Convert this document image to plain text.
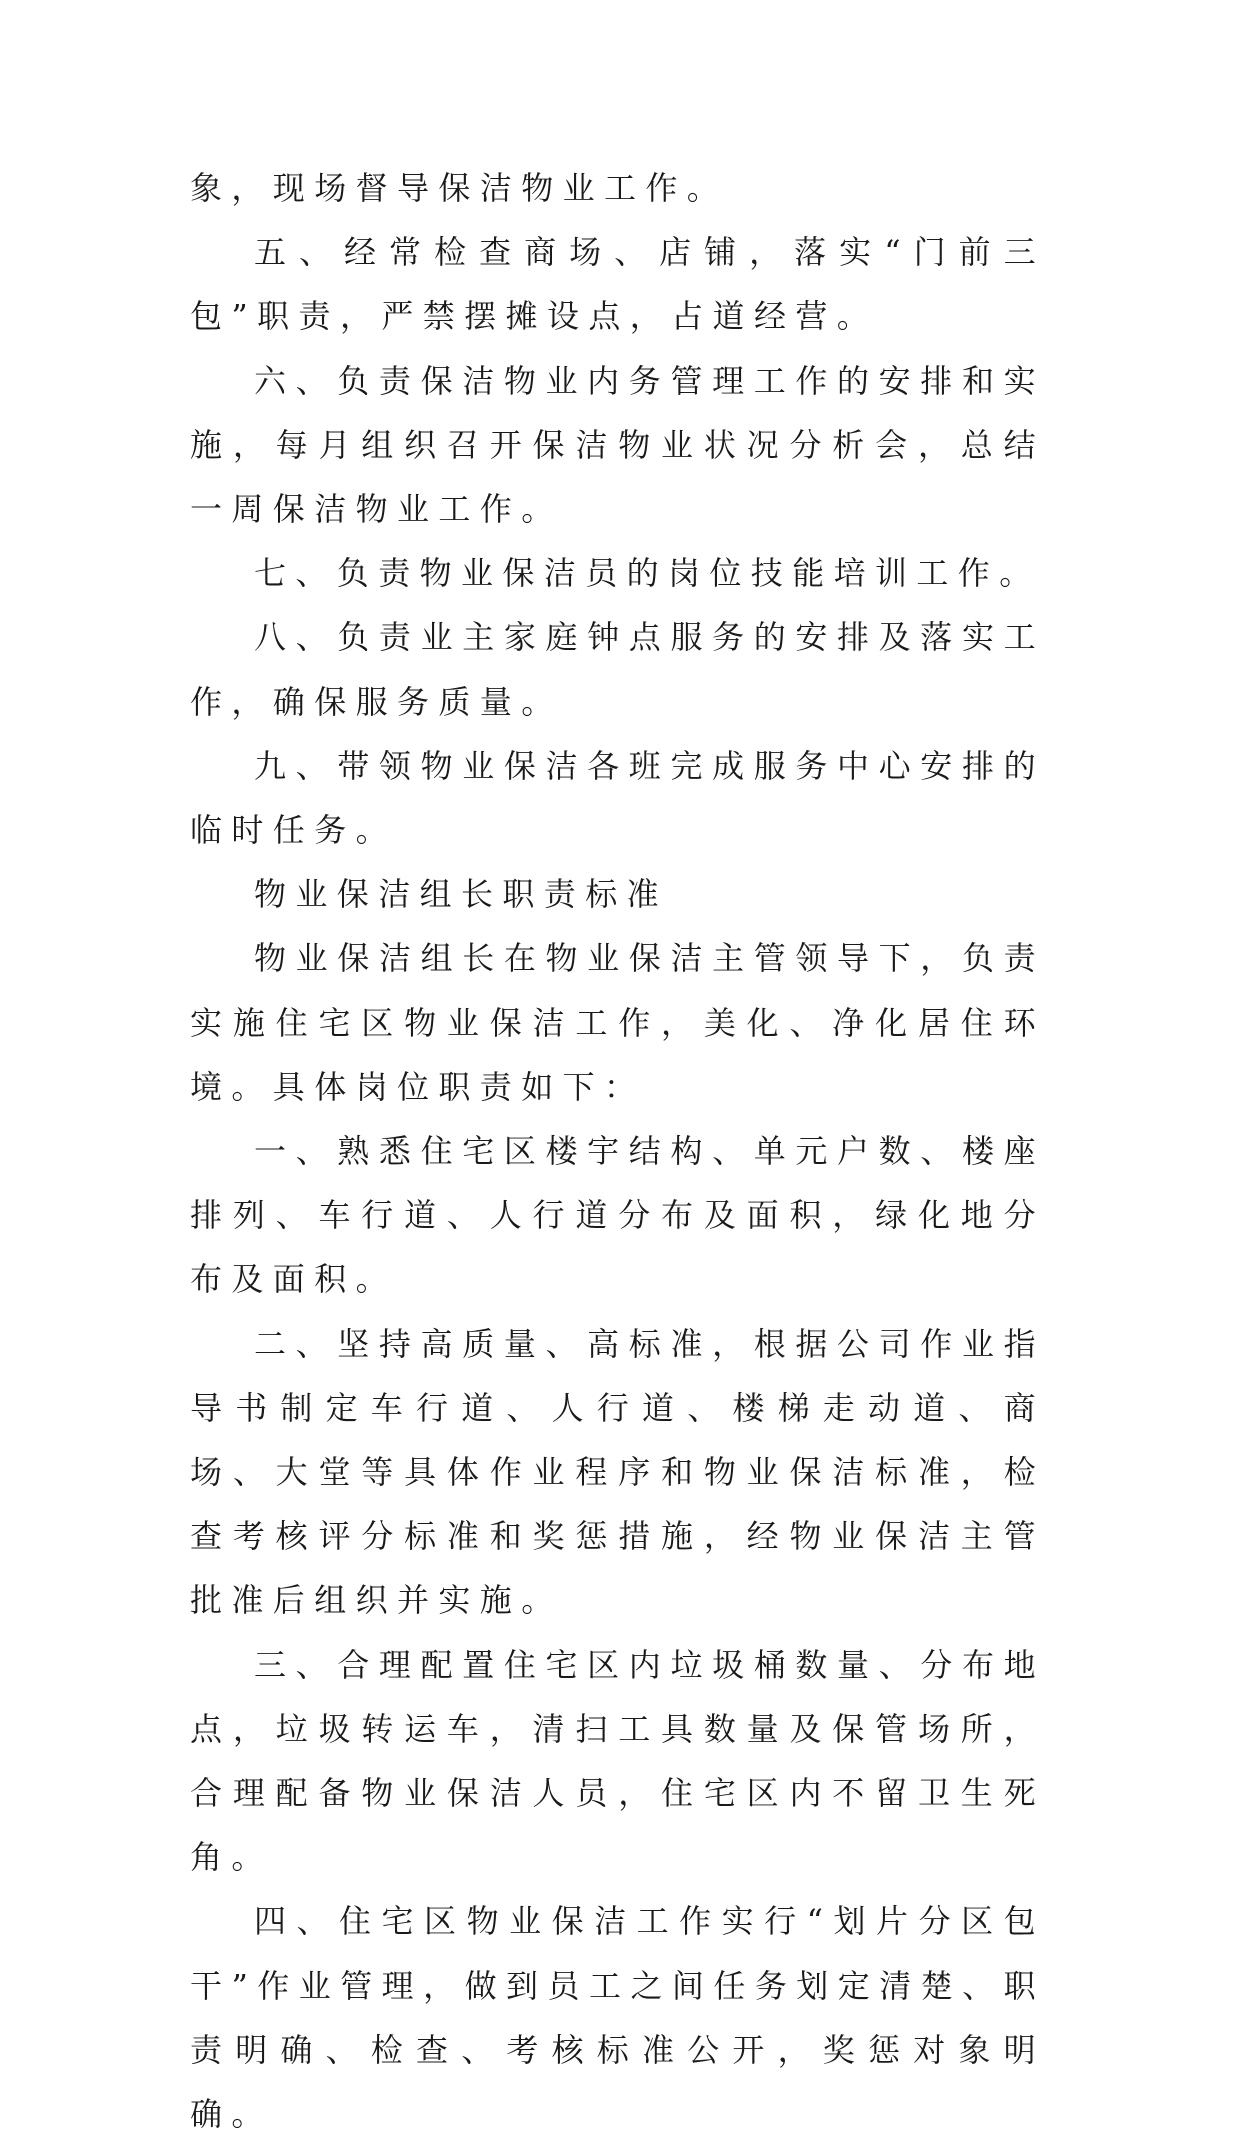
象，现场督导保洁物业工作。

五、经常检查商场、店铺，落实“门前三包”职责，严禁摆摊设点，占道经营。

六、负责保洁物业内务管理工作的安排和实施，每月组织召开保洁物业状况分析会，总结一周保洁物业工作。

七、负责物业保洁员的岗位技能培训工作。

八、负责业主家庭钟点服务的安排及落实工作，确保服务质量。

九、带领物业保洁各班完成服务中心安排的临时任务。

物业保洁组长职责标准

物业保洁组长在物业保洁主管领导下，负责实施住宅区物业保洁工作，美化、净化居住环境。具体岗位职责如下：

一、熟悉住宅区楼宇结构、单元户数、楼座排列、车行道、人行道分布及面积，绿化地分布及面积。

二、坚持高质量、高标准，根据公司作业指导书制定车行道、人行道、楼梯走动道、商场、大堂等具体作业程序和物业保洁标准，检查考核评分标准和奖惩措施，经物业保洁主管批准后组织并实施。

三、合理配置住宅区内垃圾桶数量、分布地点，垃圾转运车，清扫工具数量及保管场所，合理配备物业保洁人员，住宅区内不留卫生死角。

四、住宅区物业保洁工作实行“划片分区包干”作业管理，做到员工之间任务划定清楚、职责明确、检查、考核标准公开，奖惩对象明确。
